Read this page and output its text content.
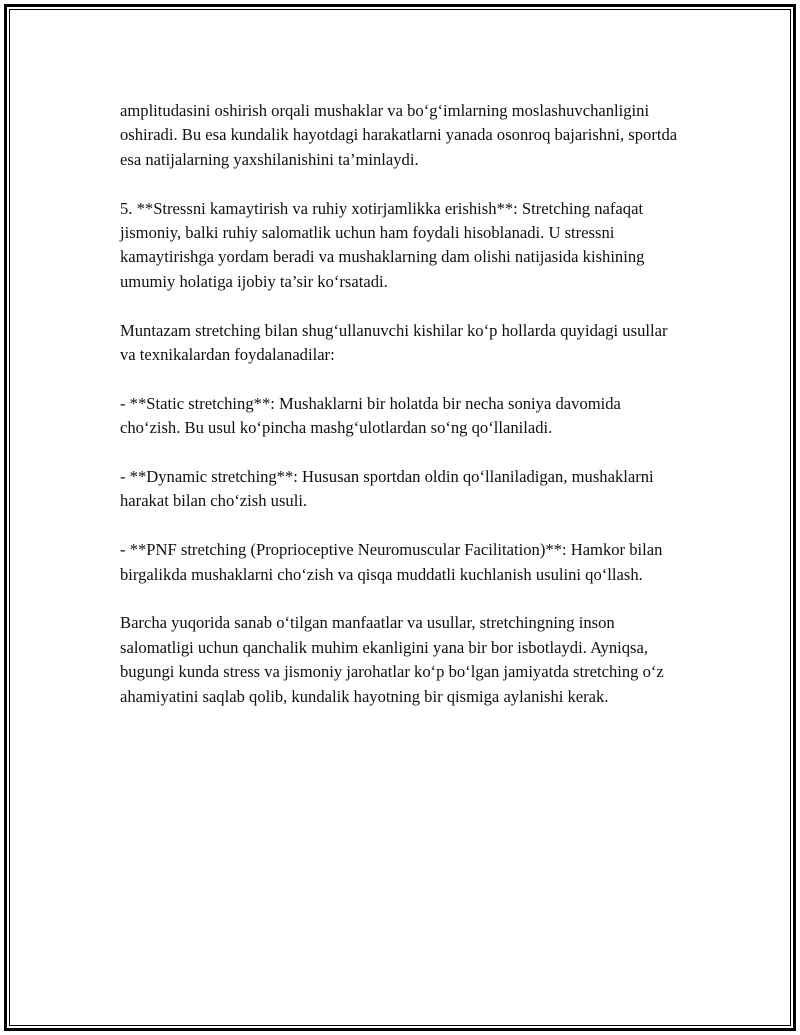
amplitudasini oshirish orqali mushaklar va bo‘g‘imlarning moslashuvchanligini oshiradi. Bu esa kundalik hayotdagi harakatlarni yanada osonroq bajarishni, sportda esa natijalarning yaxshilanishini ta’minlaydi.

5. **Stressni kamaytirish va ruhiy xotirjamlikka erishish**: Stretching nafaqat jismoniy, balki ruhiy salomatlik uchun ham foydali hisoblanadi. U stressni kamaytirishga yordam beradi va mushaklarning dam olishi natijasida kishining umumiy holatiga ijobiy ta’sir ko‘rsatadi.

Muntazam stretching bilan shug‘ullanuvchi kishilar ko‘p hollarda quyidagi usullar va texnikalardan foydalanadilar:

- **Static stretching**: Mushaklarni bir holatda bir necha soniya davomida cho‘zish. Bu usul ko‘pincha mashg‘ulotlardan so‘ng qo‘llaniladi.

- **Dynamic stretching**: Hususan sportdan oldin qo‘llaniladigan, mushaklarni harakat bilan cho‘zish usuli.

- **PNF stretching (Proprioceptive Neuromuscular Facilitation)**: Hamkor bilan birgalikda mushaklarni cho‘zish va qisqa muddatli kuchlanish usulini qo‘llash.

Barcha yuqorida sanab o‘tilgan manfaatlar va usullar, stretchingning inson salomatligi uchun qanchalik muhim ekanligini yana bir bor isbotlaydi. Ayniqsa, bugungi kunda stress va jismoniy jarohatlar ko‘p bo‘lgan jamiyatda stretching o‘z ahamiyatini saqlab qolib, kundalik hayotning bir qismiga aylanishi kerak.
